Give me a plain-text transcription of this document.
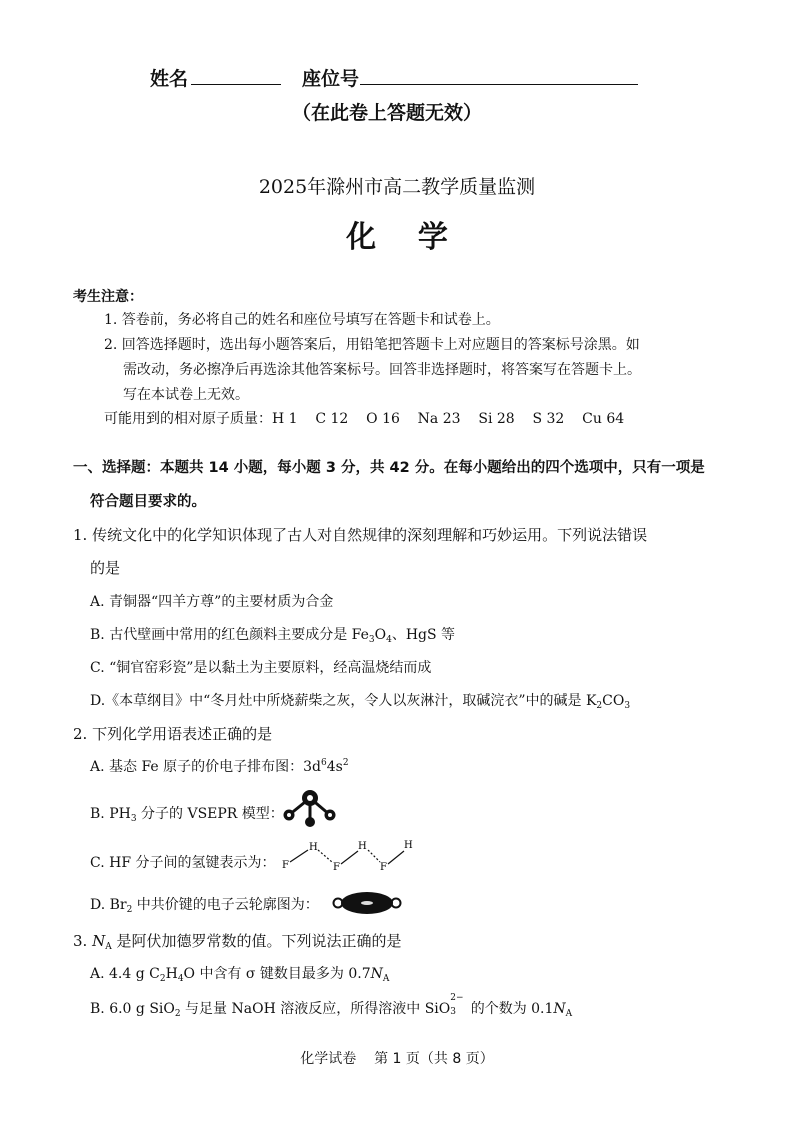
姓名	座位号
（在此卷上答题无效）
2025年滁州市高二教学质量监测
化    学
考生注意：
1. 答卷前，务必将自己的姓名和座位号填写在答题卡和试卷上。
2. 回答选择题时，选出每小题答案后，用铅笔把答题卡上对应题目的答案标号涂黑。如
需改动，务必擦净后再选涂其他答案标号。回答非选择题时，将答案写在答题卡上。
写在本试卷上无效。
可能用到的相对原子质量：H 1    C 12    O 16    Na 23    Si 28    S 32    Cu 64
一、选择题：本题共 14 小题，每小题 3 分，共 42 分。在每小题给出的四个选项中，只有一项是
符合题目要求的。
1. 传统文化中的化学知识体现了古人对自然规律的深刻理解和巧妙运用。下列说法错误
的是
A. 青铜器“四羊方尊”的主要材质为合金
B. 古代壁画中常用的红色颜料主要成分是 $Fe_3O_4$、HgS 等
C. “铜官窑彩瓷”是以黏土为主要原料，经高温烧结而成
D.《本草纲目》中“冬月灶中所烧薪柴之灰，令人以灰淋汁，取碱浣衣”中的碱是 $K_2CO_3$
2. 下列化学用语表述正确的是
A. 基态 Fe 原子的价电子排布图：$3d^64s^2$
B. $PH_3$ 分子的 VSEPR 模型：
C. HF 分子间的氢键表示为： F
H
F
H
F
H
D. $Br_2$ 中共价键的电子云轮廓图为：
3. $N_A$ 是阿伏加德罗常数的值。下列说法正确的是
A. 4.4 g $C_2H_4O$ 中含有 σ 键数目最多为 $0.7N_A$
B. 6.0 g SiO$_2$ 与足量 NaOH 溶液反应，所得溶液中 SiO
2−
3 的个数为 $0.1N_A$
化学试卷    第 1 页（共 8 页）
